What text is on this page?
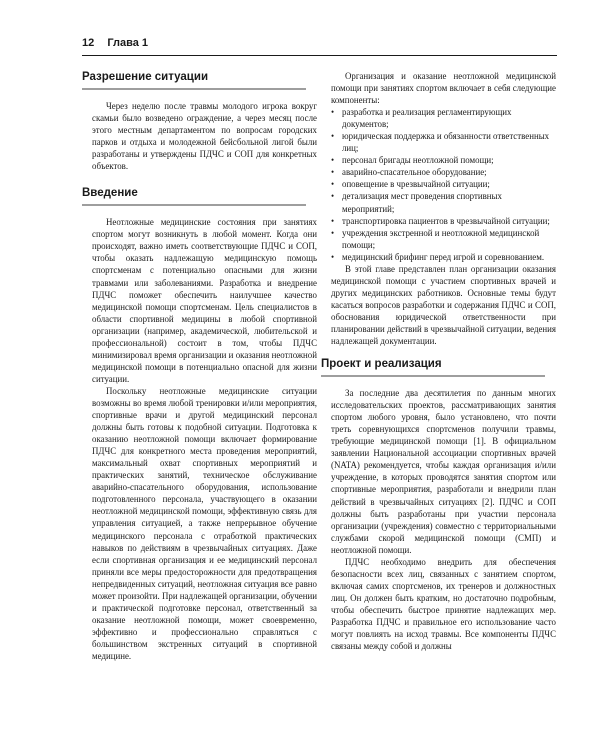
12 Глава 1
Разрешение ситуации

Через неделю после травмы молодого игрока вокруг скамьи было возведено ограждение, а через месяц после этого местным департаментом по вопросам городских парков и отдыха и молодежной бейсбольной лигой были разработаны и утверждены ПДЧС и СОП для конкретных объектов.

Введение

Неотложные медицинские состояния при занятиях спортом могут возникнуть в любой момент. Когда они происходят, важно иметь соответствующие ПДЧС и СОП, чтобы оказать надлежащую медицинскую помощь спортсменам с потенциально опасными для жизни травмами или заболеваниями. Разработка и внедрение ПДЧС поможет обеспечить наилучшее качество медицинской помощи спортсменам. Цель специалистов в области спортивной медицины в любой спортивной организации (например, академической, любительской и профессиональной) состоит в том, чтобы ПДЧС минимизировал время организации и оказания неотложной медицинской помощи в потенциально опасной для жизни ситуации.

Поскольку неотложные медицинские ситуации возможны во время любой тренировки и/или мероприятия, спортивные врачи и другой медицинский персонал должны быть готовы к подобной ситуации. Подготовка к оказанию неотложной помощи включает формирование ПДЧС для конкретного места проведения мероприятий, максимальный охват спортивных мероприятий и практических занятий, техническое обслуживание аварийно-спасательного оборудования, использование подготовленного персонала, участвующего в оказании неотложной медицинской помощи, эффективную связь для управления ситуацией, а также непрерывное обучение медицинского персонала с отработкой практических навыков по действиям в чрезвычайных ситуациях. Даже если спортивная организация и ее медицинский персонал приняли все меры предосторожности для предотвращения непредвиденных ситуаций, неотложная ситуация все равно может произойти. При надлежащей организации, обучении и практической подготовке персонал, ответственный за оказание неотложной помощи, может своевременно, эффективно и профессионально справляться с большинством экстренных ситуаций в спортивной медицине.

Организация и оказание неотложной медицинской помощи при занятиях спортом включает в себя следующие компоненты:

• разработка и реализация регламентирующих документов;
• юридическая поддержка и обязанности ответственных лиц;
• персонал бригады неотложной помощи;
• аварийно-спасательное оборудование;
• оповещение в чрезвычайной ситуации;
• детализация мест проведения спортивных мероприятий;
• транспортировка пациентов в чрезвычайной ситуации;
• учреждения экстренной и неотложной медицинской помощи;
• медицинский брифинг перед игрой и соревнованием.

В этой главе представлен план организации оказания медицинской помощи с участием спортивных врачей и других медицинских работников. Основные темы будут касаться вопросов разработки и содержания ПДЧС и СОП, обоснования юридической ответственности при планировании действий в чрезвычайной ситуации, ведения надлежащей документации.

Проект и реализация

За последние два десятилетия по данным многих исследовательских проектов, рассматривающих занятия спортом любого уровня, было установлено, что почти треть соревнующихся спортсменов получили травмы, требующие медицинской помощи [1]. В официальном заявлении Национальной ассоциации спортивных врачей (NATA) рекомендуется, чтобы каждая организация и/или учреждение, в которых проводятся занятия спортом или спортивные мероприятия, разработали и внедрили план действий в чрезвычайных ситуациях [2]. ПДЧС и СОП должны быть разработаны при участии персонала организации (учреждения) совместно с территориальными службами скорой медицинской помощи (СМП) и неотложной помощи.

ПДЧС необходимо внедрить для обеспечения безопасности всех лиц, связанных с занятием спортом, включая самих спортсменов, их тренеров и должностных лиц. Он должен быть кратким, но достаточно подробным, чтобы обеспечить быстрое принятие надлежащих мер. Разработка ПДЧС и правильное его использование часто могут повлиять на исход травмы. Все компоненты ПДЧС связаны между собой и должны
